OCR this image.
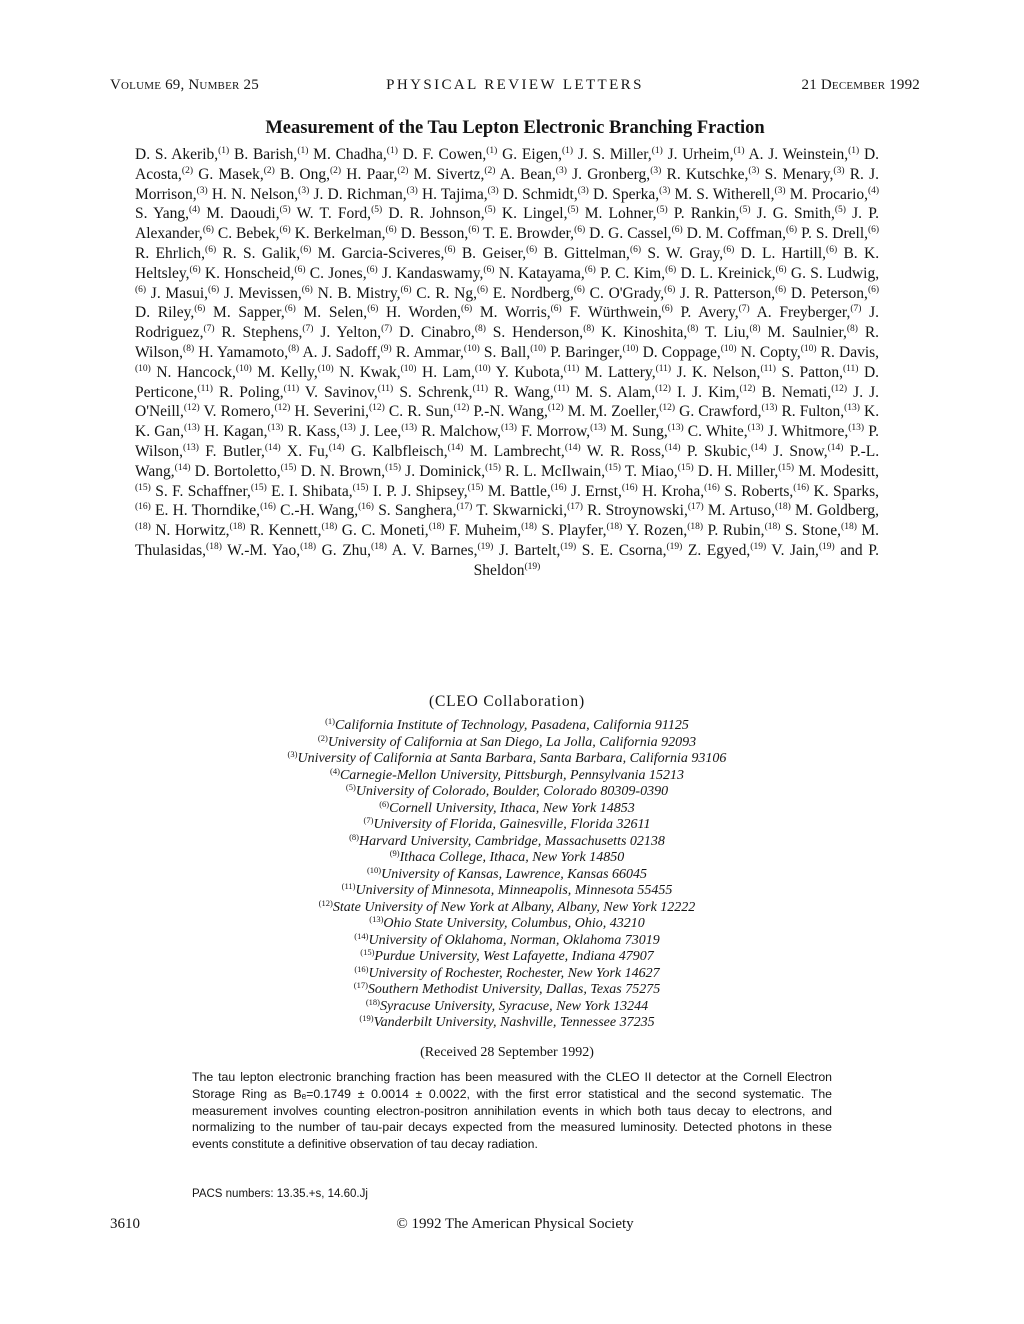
Volume 69, Number 25	PHYSICAL REVIEW LETTERS	21 December 1992
Measurement of the Tau Lepton Electronic Branching Fraction
D. S. Akerib,$^{(1)}$ B. Barish,$^{(1)}$ M. Chadha,$^{(1)}$ D. F. Cowen,$^{(1)}$ G. Eigen,$^{(1)}$ J. S. Miller,$^{(1)}$ J. Urheim,$^{(1)}$ A. J. Weinstein,$^{(1)}$ D. Acosta,$^{(2)}$ G. Masek,$^{(2)}$ B. Ong,$^{(2)}$ H. Paar,$^{(2)}$ M. Sivertz,$^{(2)}$ A. Bean,$^{(3)}$ J. Gronberg,$^{(3)}$ R. Kutschke,$^{(3)}$ S. Menary,$^{(3)}$ R. J. Morrison,$^{(3)}$ H. N. Nelson,$^{(3)}$ J. D. Richman,$^{(3)}$ H. Tajima,$^{(3)}$ D. Schmidt,$^{(3)}$ D. Sperka,$^{(3)}$ M. S. Witherell,$^{(3)}$ M. Procario,$^{(4)}$ S. Yang,$^{(4)}$ M. Daoudi,$^{(5)}$ W. T. Ford,$^{(5)}$ D. R. Johnson,$^{(5)}$ K. Lingel,$^{(5)}$ M. Lohner,$^{(5)}$ P. Rankin,$^{(5)}$ J. G. Smith,$^{(5)}$ J. P. Alexander,$^{(6)}$ C. Bebek,$^{(6)}$ K. Berkelman,$^{(6)}$ D. Besson,$^{(6)}$ T. E. Browder,$^{(6)}$ D. G. Cassel,$^{(6)}$ D. M. Coffman,$^{(6)}$ P. S. Drell,$^{(6)}$ R. Ehrlich,$^{(6)}$ R. S. Galik,$^{(6)}$ M. Garcia-Sciveres,$^{(6)}$ B. Geiser,$^{(6)}$ B. Gittelman,$^{(6)}$ S. W. Gray,$^{(6)}$ D. L. Hartill,$^{(6)}$ B. K. Heltsley,$^{(6)}$ K. Honscheid,$^{(6)}$ C. Jones,$^{(6)}$ J. Kandaswamy,$^{(6)}$ N. Katayama,$^{(6)}$ P. C. Kim,$^{(6)}$ D. L. Kreinick,$^{(6)}$ G. S. Ludwig,$^{(6)}$ J. Masui,$^{(6)}$ J. Mevissen,$^{(6)}$ N. B. Mistry,$^{(6)}$ C. R. Ng,$^{(6)}$ E. Nordberg,$^{(6)}$ C. O'Grady,$^{(6)}$ J. R. Patterson,$^{(6)}$ D. Peterson,$^{(6)}$ D. Riley,$^{(6)}$ M. Sapper,$^{(6)}$ M. Selen,$^{(6)}$ H. Worden,$^{(6)}$ M. Worris,$^{(6)}$ F. Würthwein,$^{(6)}$ P. Avery,$^{(7)}$ A. Freyberger,$^{(7)}$ J. Rodriguez,$^{(7)}$ R. Stephens,$^{(7)}$ J. Yelton,$^{(7)}$ D. Cinabro,$^{(8)}$ S. Henderson,$^{(8)}$ K. Kinoshita,$^{(8)}$ T. Liu,$^{(8)}$ M. Saulnier,$^{(8)}$ R. Wilson,$^{(8)}$ H. Yamamoto,$^{(8)}$ A. J. Sadoff,$^{(9)}$ R. Ammar,$^{(10)}$ S. Ball,$^{(10)}$ P. Baringer,$^{(10)}$ D. Coppage,$^{(10)}$ N. Copty,$^{(10)}$ R. Davis,$^{(10)}$ N. Hancock,$^{(10)}$ M. Kelly,$^{(10)}$ N. Kwak,$^{(10)}$ H. Lam,$^{(10)}$ Y. Kubota,$^{(11)}$ M. Lattery,$^{(11)}$ J. K. Nelson,$^{(11)}$ S. Patton,$^{(11)}$ D. Perticone,$^{(11)}$ R. Poling,$^{(11)}$ V. Savinov,$^{(11)}$ S. Schrenk,$^{(11)}$ R. Wang,$^{(11)}$ M. S. Alam,$^{(12)}$ I. J. Kim,$^{(12)}$ B. Nemati,$^{(12)}$ J. J. O'Neill,$^{(12)}$ V. Romero,$^{(12)}$ H. Severini,$^{(12)}$ C. R. Sun,$^{(12)}$ P.-N. Wang,$^{(12)}$ M. M. Zoeller,$^{(12)}$ G. Crawford,$^{(13)}$ R. Fulton,$^{(13)}$ K. K. Gan,$^{(13)}$ H. Kagan,$^{(13)}$ R. Kass,$^{(13)}$ J. Lee,$^{(13)}$ R. Malchow,$^{(13)}$ F. Morrow,$^{(13)}$ M. Sung,$^{(13)}$ C. White,$^{(13)}$ J. Whitmore,$^{(13)}$ P. Wilson,$^{(13)}$ F. Butler,$^{(14)}$ X. Fu,$^{(14)}$ G. Kalbfleisch,$^{(14)}$ M. Lambrecht,$^{(14)}$ W. R. Ross,$^{(14)}$ P. Skubic,$^{(14)}$ J. Snow,$^{(14)}$ P.-L. Wang,$^{(14)}$ D. Bortoletto,$^{(15)}$ D. N. Brown,$^{(15)}$ J. Dominick,$^{(15)}$ R. L. McIlwain,$^{(15)}$ T. Miao,$^{(15)}$ D. H. Miller,$^{(15)}$ M. Modesitt,$^{(15)}$ S. F. Schaffner,$^{(15)}$ E. I. Shibata,$^{(15)}$ I. P. J. Shipsey,$^{(15)}$ M. Battle,$^{(16)}$ J. Ernst,$^{(16)}$ H. Kroha,$^{(16)}$ S. Roberts,$^{(16)}$ K. Sparks,$^{(16)}$ E. H. Thorndike,$^{(16)}$ C.-H. Wang,$^{(16)}$ S. Sanghera,$^{(17)}$ T. Skwarnicki,$^{(17)}$ R. Stroynowski,$^{(17)}$ M. Artuso,$^{(18)}$ M. Goldberg,$^{(18)}$ N. Horwitz,$^{(18)}$ R. Kennett,$^{(18)}$ G. C. Moneti,$^{(18)}$ F. Muheim,$^{(18)}$ S. Playfer,$^{(18)}$ Y. Rozen,$^{(18)}$ P. Rubin,$^{(18)}$ S. Stone,$^{(18)}$ M. Thulasidas,$^{(18)}$ W.-M. Yao,$^{(18)}$ G. Zhu,$^{(18)}$ A. V. Barnes,$^{(19)}$ J. Bartelt,$^{(19)}$ S. E. Csorna,$^{(19)}$ Z. Egyed,$^{(19)}$ V. Jain,$^{(19)}$ and P. Sheldon$^{(19)}$
(CLEO Collaboration)
$^{(1)}$California Institute of Technology, Pasadena, California 91125
$^{(2)}$University of California at San Diego, La Jolla, California 92093
$^{(3)}$University of California at Santa Barbara, Santa Barbara, California 93106
$^{(4)}$Carnegie-Mellon University, Pittsburgh, Pennsylvania 15213
$^{(5)}$University of Colorado, Boulder, Colorado 80309-0390
$^{(6)}$Cornell University, Ithaca, New York 14853
$^{(7)}$University of Florida, Gainesville, Florida 32611
$^{(8)}$Harvard University, Cambridge, Massachusetts 02138
$^{(9)}$Ithaca College, Ithaca, New York 14850
$^{(10)}$University of Kansas, Lawrence, Kansas 66045
$^{(11)}$University of Minnesota, Minneapolis, Minnesota 55455
$^{(12)}$State University of New York at Albany, Albany, New York 12222
$^{(13)}$Ohio State University, Columbus, Ohio, 43210
$^{(14)}$University of Oklahoma, Norman, Oklahoma 73019
$^{(15)}$Purdue University, West Lafayette, Indiana 47907
$^{(16)}$University of Rochester, Rochester, New York 14627
$^{(17)}$Southern Methodist University, Dallas, Texas 75275
$^{(18)}$Syracuse University, Syracuse, New York 13244
$^{(19)}$Vanderbilt University, Nashville, Tennessee 37235
(Received 28 September 1992)
The tau lepton electronic branching fraction has been measured with the CLEO II detector at the Cornell Electron Storage Ring as Bₑ=0.1749 ± 0.0014 ± 0.0022, with the first error statistical and the second systematic. The measurement involves counting electron-positron annihilation events in which both taus decay to electrons, and normalizing to the number of tau-pair decays expected from the measured luminosity. Detected photons in these events constitute a definitive observation of tau decay radiation.
PACS numbers: 13.35.+s, 14.60.Jj
3610	© 1992 The American Physical Society
